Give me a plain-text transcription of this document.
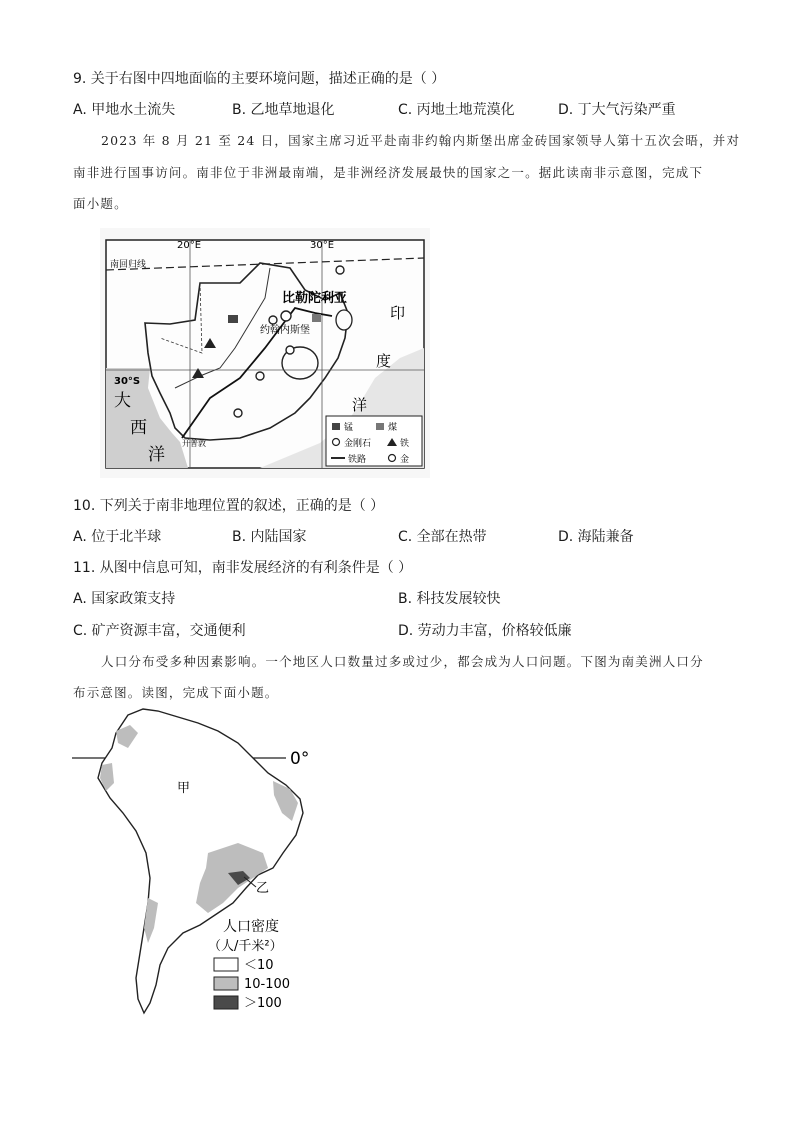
9. 关于右图中四地面临的主要环境问题，描述正确的是（ ）
A. 甲地水土流失	B. 乙地草地退化	C. 丙地土地荒漠化	D. 丁大气污染严重
2023 年 8 月 21 至 24 日，国家主席习近平赴南非约翰内斯堡出席金砖国家领导人第十五次会晤，并对
南非进行国事访问。南非位于非洲最南端，是非洲经济发展最快的国家之一。据此读南非示意图，完成下
面小题。
20°E	30°E
南回归线
30°S
比勒陀利亚
约翰内斯堡
印
度
洋
大
西
洋
开普敦
锰	煤
金刚石	铁
铁路	金
10. 下列关于南非地理位置的叙述，正确的是（ ）
A. 位于北半球	B. 内陆国家	C. 全部在热带	D. 海陆兼备
11. 从图中信息可知，南非发展经济的有利条件是（ ）
A. 国家政策支持	B. 科技发展较快
C. 矿产资源丰富，交通便利	D. 劳动力丰富，价格较低廉
人口分布受多种因素影响。一个地区人口数量过多或过少，都会成为人口问题。下图为南美洲人口分
布示意图。读图，完成下面小题。
0°
甲
乙
人口密度
（人/千米²）
＜10
10-100
＞100
